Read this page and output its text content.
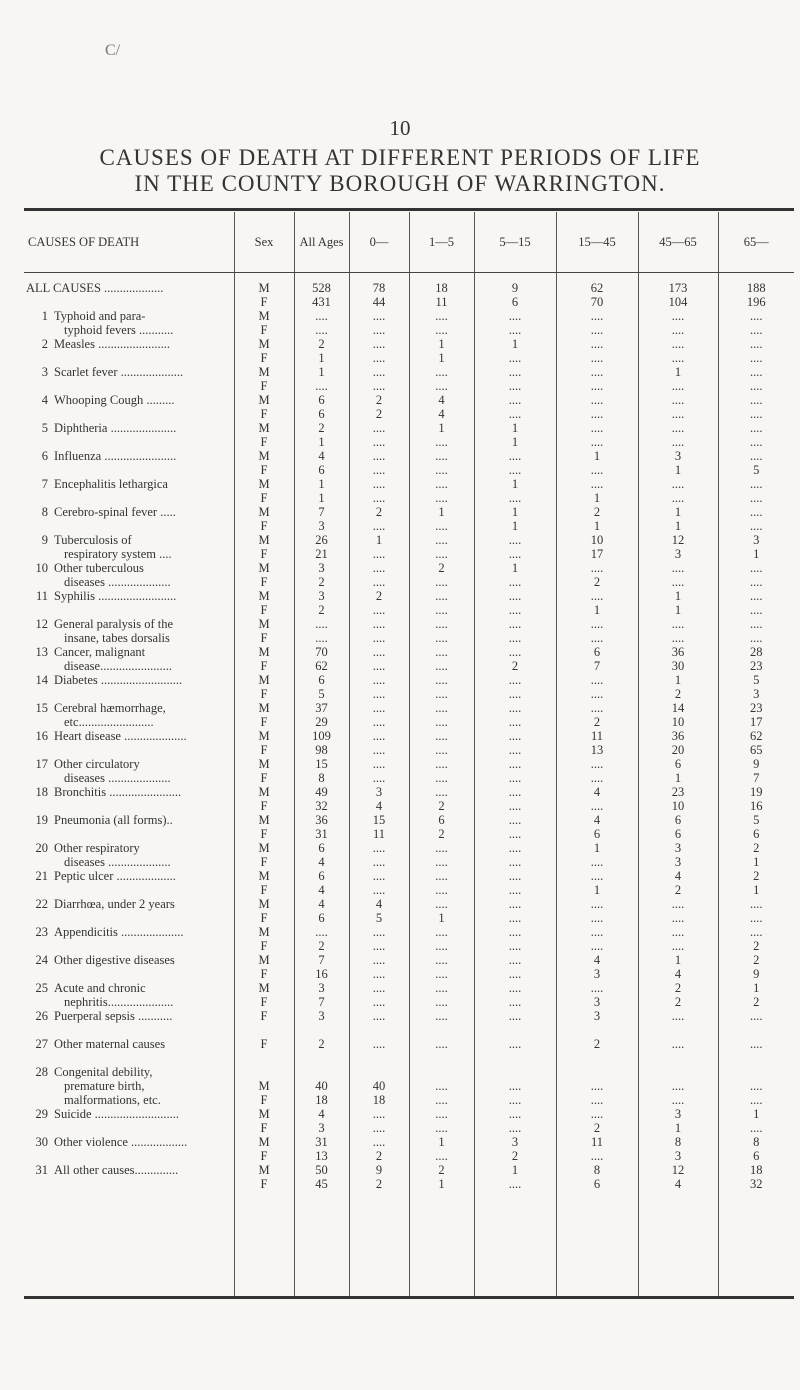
C/
10
CAUSES OF DEATH AT DIFFERENT PERIODS OF LIFE
IN THE COUNTY BOROUGH OF WARRINGTON.
CAUSES OF DEATH	Sex	All Ages	0—	1—5	5—15	15—45	45—65	65—
ALL CAUSES ...................	M	528	78	18	9	62	173	188
	F	431	44	11	6	70	104	196
1 Typhoid and para-	M	....	....	....	....	....	....	....
typhoid fevers ...........	F	....	....	....	....	....	....	....
2 Measles .......................	M	2	....	1	1	....	....	....
	F	1	....	1	....	....	....	....
3 Scarlet fever ....................	M	1	....	....	....	....	1	....
	F	....	....	....	....	....	....	....
4 Whooping Cough .........	M	6	2	4	....	....	....	....
	F	6	2	4	....	....	....	....
5 Diphtheria .....................	M	2	....	1	1	....	....	....
	F	1	....	....	1	....	....	....
6 Influenza .......................	M	4	....	....	....	1	3	....
	F	6	....	....	....	....	1	5
7 Encephalitis lethargica	M	1	....	....	1	....	....	....
	F	1	....	....	....	1	....	....
8 Cerebro-spinal fever .....	M	7	2	1	1	2	1	....
	F	3	....	....	1	1	1	....
9 Tuberculosis of	M	26	1	....	....	10	12	3
respiratory system ....	F	21	....	....	....	17	3	1
10 Other tuberculous	M	3	....	2	1	....	....	....
diseases ....................	F	2	....	....	....	2	....	....
11 Syphilis .........................	M	3	2	....	....	....	1	....
	F	2	....	....	....	1	1	....
12 General paralysis of the	M	....	....	....	....	....	....	....
insane, tabes dorsalis	F	....	....	....	....	....	....	....
13 Cancer, malignant	M	70	....	....	....	6	36	28
disease.......................	F	62	....	....	2	7	30	23
14 Diabetes ..........................	M	6	....	....	....	....	1	5
	F	5	....	....	....	....	2	3
15 Cerebral hæmorrhage,	M	37	....	....	....	....	14	23
etc........................	F	29	....	....	....	2	10	17
16 Heart disease ....................	M	109	....	....	....	11	36	62
	F	98	....	....	....	13	20	65
17 Other circulatory	M	15	....	....	....	....	6	9
diseases ....................	F	8	....	....	....	....	1	7
18 Bronchitis .......................	M	49	3	....	....	4	23	19
	F	32	4	2	....	....	10	16
19 Pneumonia (all forms)..	M	36	15	6	....	4	6	5
	F	31	11	2	....	6	6	6
20 Other respiratory	M	6	....	....	....	1	3	2
diseases ....................	F	4	....	....	....	....	3	1
21 Peptic ulcer ...................	M	6	....	....	....	....	4	2
	F	4	....	....	....	1	2	1
22 Diarrhœa, under 2 years	M	4	4	....	....	....	....	....
	F	6	5	1	....	....	....	....
23 Appendicitis ....................	M	....	....	....	....	....	....	....
	F	2	....	....	....	....	....	2
24 Other digestive diseases	M	7	....	....	....	4	1	2
	F	16	....	....	....	3	4	9
25 Acute and chronic	M	3	....	....	....	....	2	1
nephritis.....................	F	7	....	....	....	3	2	2
26 Puerperal sepsis ...........	F	3	....	....	....	3	....	....

27 Other maternal causes	F	2	....	....	....	2	....	....

28 Congenital debility,								
premature birth,	M	40	40	....	....	....	....	....
malformations, etc.	F	18	18	....	....	....	....	....
29 Suicide ...........................	M	4	....	....	....	....	3	1
	F	3	....	....	....	2	1	....
30 Other violence ..................	M	31	....	1	3	11	8	8
	F	13	2	....	2	....	3	6
31 All other causes..............	M	50	9	2	1	8	12	18
	F	45	2	1	....	6	4	32
